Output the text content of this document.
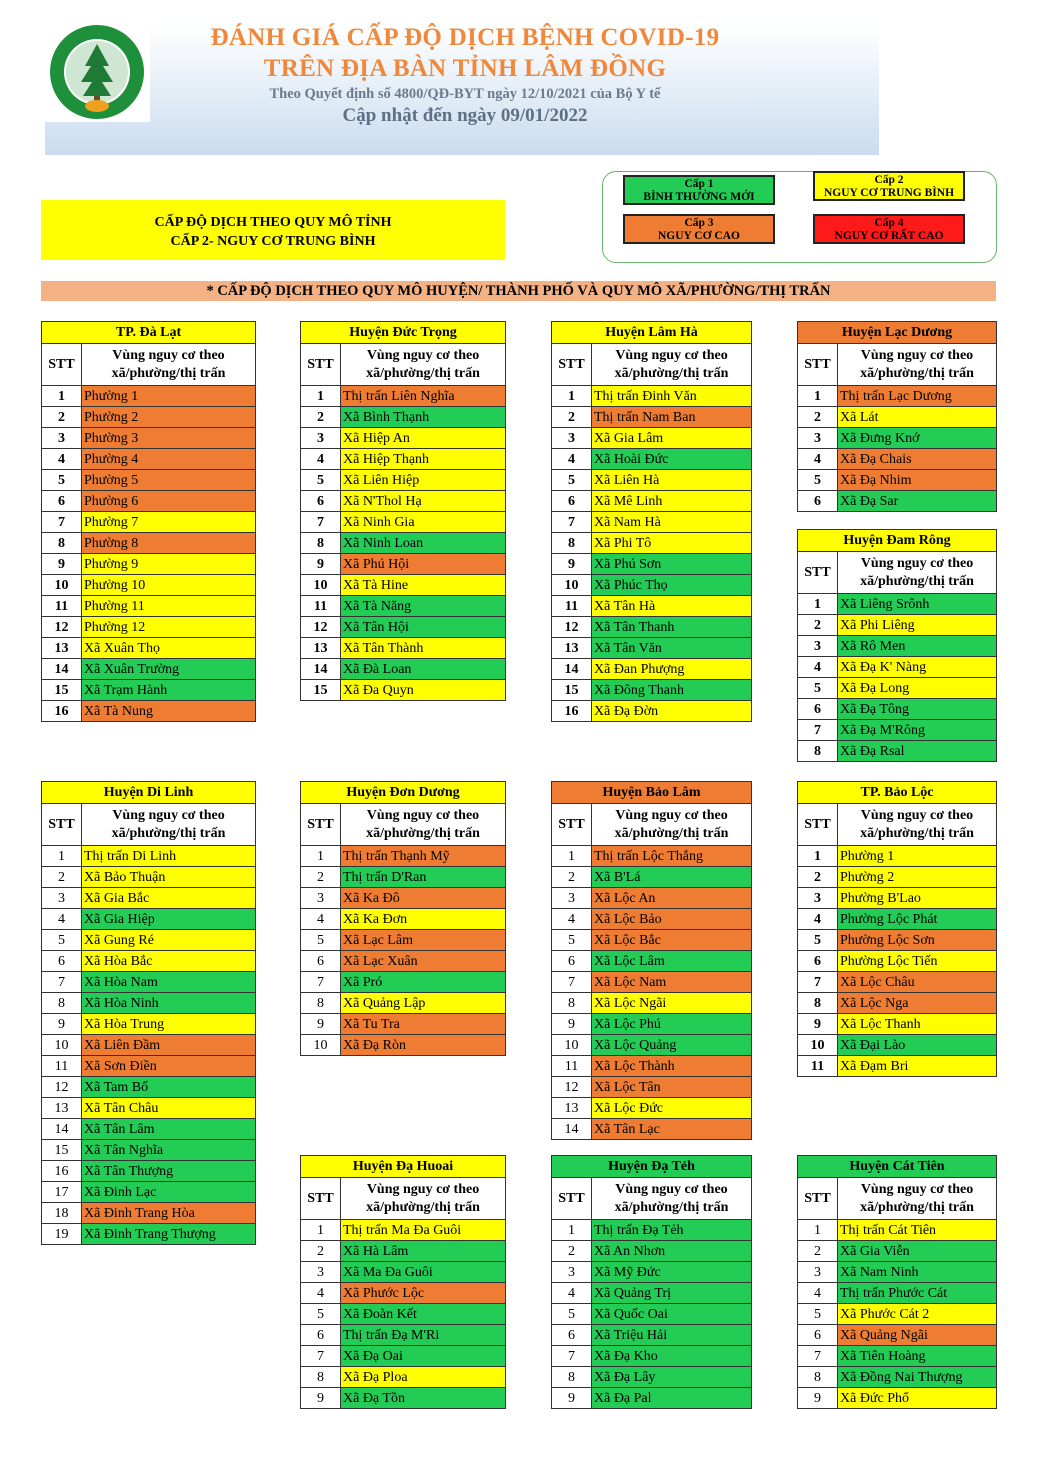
ĐÁNH GIÁ CẤP ĐỘ DỊCH BỆNH COVID-19
TRÊN ĐỊA BÀN TỈNH LÂM ĐỒNG
Theo Quyết định số 4800/QĐ-BYT ngày 12/10/2021 của Bộ Y tế
Cập nhật đến ngày 09/01/2022
Cấp 1
BÌNH THƯỜNG MỚI
Cấp 2
NGUY CƠ TRUNG BÌNH
Cấp 3
NGUY CƠ CAO
Cấp 4
NGUY CƠ RẤT CAO
CẤP ĐỘ DỊCH THEO QUY MÔ TỈNH
CẤP 2- NGUY CƠ TRUNG BÌNH
* CẤP ĐỘ DỊCH THEO QUY MÔ HUYỆN/ THÀNH PHỐ VÀ QUY MÔ XÃ/PHƯỜNG/THỊ TRẤN
TP. Đà Lạt	
STT	Vùng nguy cơ theo
xã/phường/thị trấn

1	Phường 1
2	Phường 2
3	Phường 3
4	Phường 4
5	Phường 5
6	Phường 6
7	Phường 7
8	Phường 8
9	Phường 9
10	Phường 10
11	Phường 11
12	Phường 12
13	Xã Xuân Thọ
14	Xã Xuân Trường
15	Xã Trạm Hành
16	Xã Tà Nung
Huyện Đức Trọng	
STT	Vùng nguy cơ theo
xã/phường/thị trấn

1	Thị trấn Liên Nghĩa
2	Xã Bình Thạnh
3	Xã Hiệp An
4	Xã Hiệp Thạnh
5	Xã Liên Hiệp
6	Xã N'Thol Hạ
7	Xã Ninh Gia
8	Xã Ninh Loan
9	Xã Phú Hội
10	Xã Tà Hine
11	Xã Tà Năng
12	Xã Tân Hội
13	Xã Tân Thành
14	Xã Đà Loan
15	Xã Đa Quyn
Huyện Lâm Hà	
STT	Vùng nguy cơ theo
xã/phường/thị trấn

1	Thị trấn Đinh Văn
2	Thị trấn Nam Ban
3	Xã Gia Lâm
4	Xã Hoài Đức
5	Xã Liên Hà
6	Xã Mê Linh
7	Xã Nam Hà
8	Xã Phi Tô
9	Xã Phú Sơn
10	Xã Phúc Thọ
11	Xã Tân Hà
12	Xã Tân Thanh
13	Xã Tân Văn
14	Xã Đan Phượng
15	Xã Đông Thanh
16	Xã Đạ Đờn
Huyện Lạc Dương	
STT	Vùng nguy cơ theo
xã/phường/thị trấn

1	Thị trấn Lạc Dương
2	Xã Lát
3	Xã Đưng Knớ
4	Xã Đạ Chais
5	Xã Đạ Nhim
6	Xã Đạ Sar
Huyện Đam Rông	
STT	Vùng nguy cơ theo
xã/phường/thị trấn

1	Xã Liêng Srônh
2	Xã Phi Liêng
3	Xã Rô Men
4	Xã Đạ K' Nàng
5	Xã Đạ Long
6	Xã Đạ Tông
7	Xã Đạ M'Rông
8	Xã Đạ Rsal
Huyện Di Linh	
STT	Vùng nguy cơ theo
xã/phường/thị trấn

1	Thị trấn Di Linh
2	Xã Bảo Thuận
3	Xã Gia Bắc
4	Xã Gia Hiệp
5	Xã Gung Ré
6	Xã Hòa Bắc
7	Xã Hòa Nam
8	Xã Hòa Ninh
9	Xã Hòa Trung
10	Xã Liên Đầm
11	Xã Sơn Điền
12	Xã Tam Bố
13	Xã Tân Châu
14	Xã Tân Lâm
15	Xã Tân Nghĩa
16	Xã Tân Thượng
17	Xã Đinh Lạc
18	Xã Đinh Trang Hòa
19	Xã Đinh Trang Thượng
Huyện Đơn Dương	
STT	Vùng nguy cơ theo
xã/phường/thị trấn

1	Thị trấn Thạnh Mỹ
2	Thị trấn D'Ran
3	Xã Ka Đô
4	Xã Ka Đơn
5	Xã Lạc Lâm
6	Xã Lạc Xuân
7	Xã Pró
8	Xã Quảng Lập
9	Xã Tu Tra
10	Xã Đạ Ròn
Huyện Bảo Lâm	
STT	Vùng nguy cơ theo
xã/phường/thị trấn

1	Thị trấn Lộc Thắng
2	Xã B'Lá
3	Xã Lộc An
4	Xã Lộc Bảo
5	Xã Lộc Bắc
6	Xã Lộc Lâm
7	Xã Lộc Nam
8	Xã Lộc Ngãi
9	Xã Lộc Phú
10	Xã Lộc Quảng
11	Xã Lộc Thành
12	Xã Lộc Tân
13	Xã Lộc Đức
14	Xã Tân Lạc
TP. Bảo Lộc	
STT	Vùng nguy cơ theo
xã/phường/thị trấn

1	Phường 1
2	Phường 2
3	Phường B'Lao
4	Phường Lộc Phát
5	Phường Lộc Sơn
6	Phường Lộc Tiến
7	Xã Lộc Châu
8	Xã Lộc Nga
9	Xã Lộc Thanh
10	Xã Đại Lào
11	Xã Đạm Bri
Huyện Đạ Huoai	
STT	Vùng nguy cơ theo
xã/phường/thị trấn

1	Thị trấn Ma Đa Guôi
2	Xã Hà Lâm
3	Xã Ma Đa Guôi
4	Xã Phước Lộc
5	Xã Đoàn Kết
6	Thị trấn Đạ M'Ri
7	Xã Đạ Oai
8	Xã Đạ Ploa
9	Xã Đạ Tồn
Huyện Đạ Tẻh	
STT	Vùng nguy cơ theo
xã/phường/thị trấn

1	Thị trấn Đạ Tẻh
2	Xã An Nhơn
3	Xã Mỹ Đức
4	Xã Quảng Trị
5	Xã Quốc Oai
6	Xã Triệu Hải
7	Xã Đạ Kho
8	Xã Đạ Lây
9	Xã Đạ Pal
Huyện Cát Tiên	
STT	Vùng nguy cơ theo
xã/phường/thị trấn

1	Thị trấn Cát Tiên
2	Xã Gia Viễn
3	Xã Nam Ninh
4	Thị trấn Phước Cát
5	Xã Phước Cát 2
6	Xã Quảng Ngãi
7	Xã Tiên Hoàng
8	Xã Đồng Nai Thượng
9	Xã Đức Phổ
